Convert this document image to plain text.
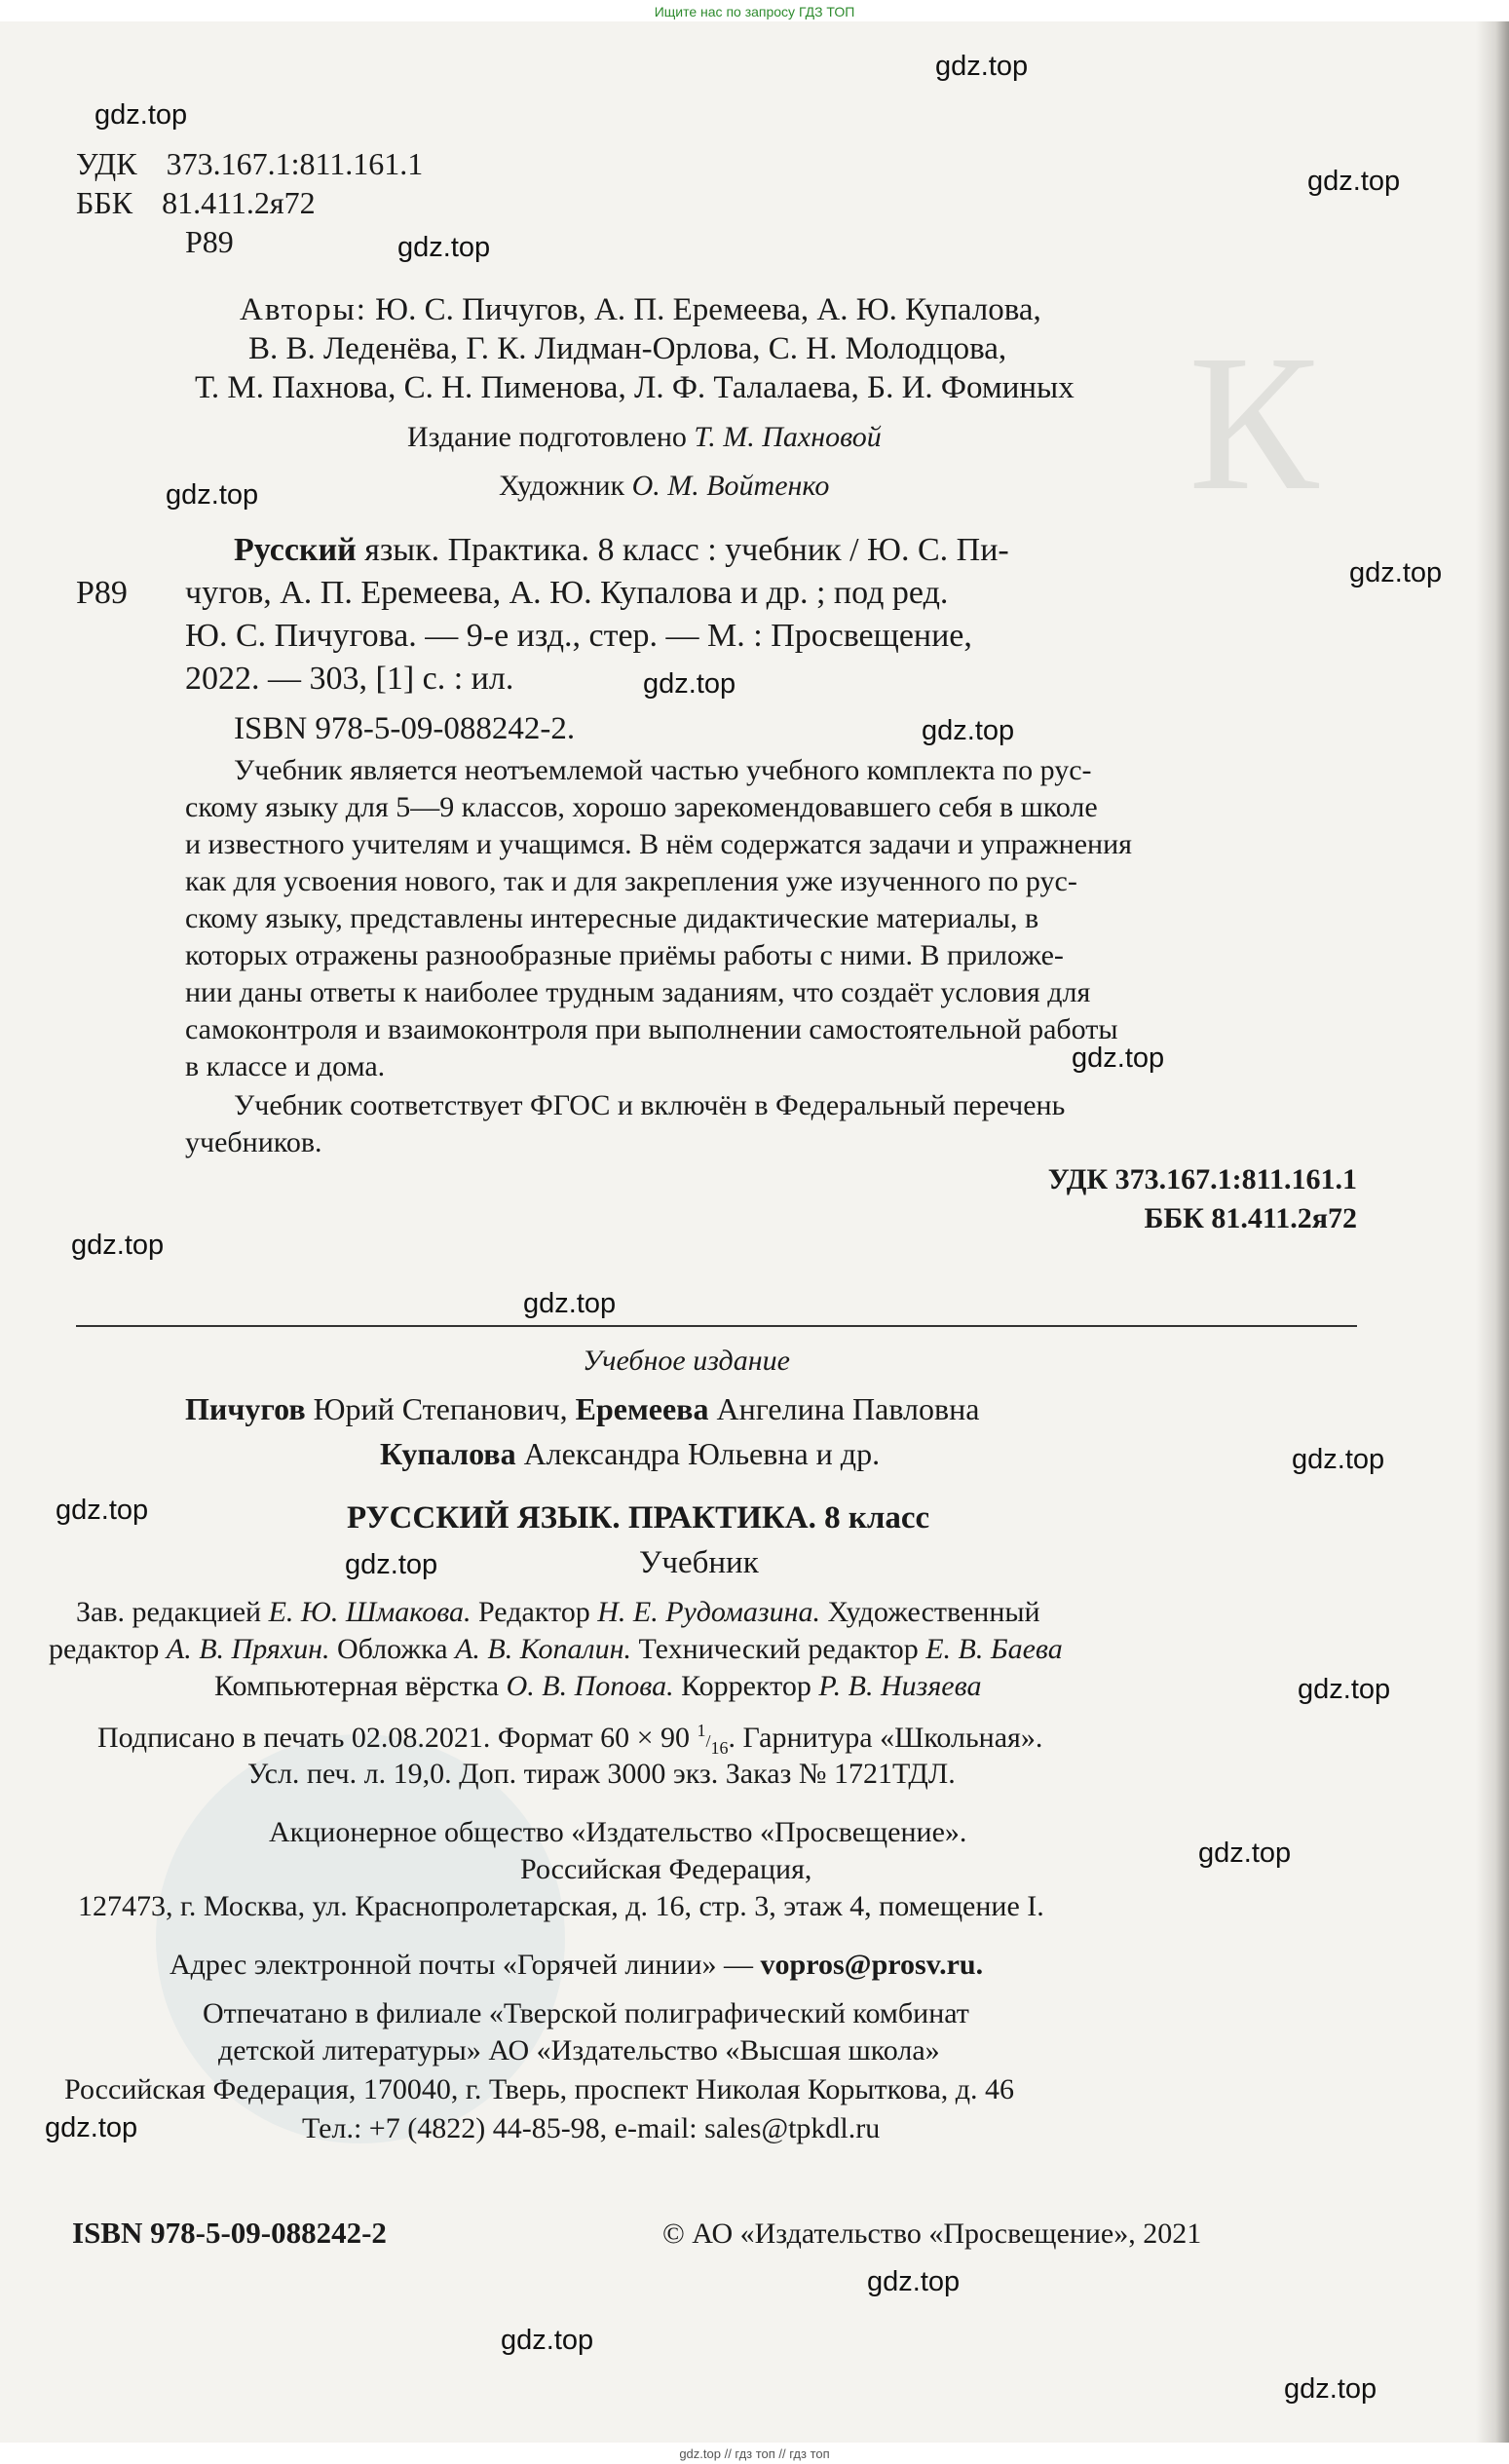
Ищите нас по запросу ГДЗ ТОП
К
gdz.top
gdz.top
gdz.top
gdz.top
gdz.top
gdz.top
gdz.top
gdz.top
gdz.top
gdz.top
gdz.top
gdz.top
gdz.top
gdz.top
gdz.top
gdz.top
gdz.top
gdz.top
gdz.top
gdz.top
УДК 373.167.1:811.161.1
ББК 81.411.2я72
Р89
Авторы: Ю. С. Пичугов, А. П. Еремеева, А. Ю. Купалова,
В. В. Леденёва, Г. К. Лидман-Орлова, С. Н. Молодцова,
Т. М. Пахнова, С. Н. Пименова, Л. Ф. Талалаева, Б. И. Фоминых
Издание подготовлено Т. М. Пахновой
Художник О. М. Войтенко
Р89
Русский язык. Практика. 8 класс : учебник / Ю. С. Пи-
чугов, А. П. Еремеева, А. Ю. Купалова и др. ; под ред.
Ю. С. Пичугова. — 9-е изд., стер. — М. : Просвещение,
2022. — 303, [1] с. : ил.
ISBN 978-5-09-088242-2.
Учебник является неотъемлемой частью учебного комплекта по рус-
скому языку для 5—9 классов, хорошо зарекомендовавшего себя в школе
и известного учителям и учащимся. В нём содержатся задачи и упражнения
как для усвоения нового, так и для закрепления уже изученного по рус-
скому языку, представлены интересные дидактические материалы, в
которых отражены разнообразные приёмы работы с ними. В приложе-
нии даны ответы к наиболее трудным заданиям, что создаёт условия для
самоконтроля и взаимоконтроля при выполнении самостоятельной работы
в классе и дома.
Учебник соответствует ФГОС и включён в Федеральный перечень
учебников.
УДК 373.167.1:811.161.1
ББК 81.411.2я72
Учебное издание
Пичугов Юрий Степанович, Еремеева Ангелина Павловна
Купалова Александра Юльевна и др.
РУССКИЙ ЯЗЫК. ПРАКТИКА. 8 класс
Учебник
Зав. редакцией Е. Ю. Шмакова. Редактор Н. Е. Рудомазина. Художественный
редактор А. В. Пряхин. Обложка А. В. Копалин. Технический редактор Е. В. Баева
Компьютерная вёрстка О. В. Попова. Корректор Р. В. Низяева
Подписано в печать 02.08.2021. Формат 60 × 90 $^1/_{16}$. Гарнитура «Школьная».
Усл. печ. л. 19,0. Доп. тираж 3000 экз. Заказ № 1721ТДЛ.
Акционерное общество «Издательство «Просвещение».
Российская Федерация,
127473, г. Москва, ул. Краснопролетарская, д. 16, стр. 3, этаж 4, помещение I.
Адрес электронной почты «Горячей линии» — vopros@prosv.ru.
Отпечатано в филиале «Тверской полиграфический комбинат
детской литературы» АО «Издательство «Высшая школа»
Российская Федерация, 170040, г. Тверь, проспект Николая Корыткова, д. 46
Тел.: +7 (4822) 44-85-98, e-mail: sales@tpkdl.ru
ISBN 978-5-09-088242-2	© АО «Издательство «Просвещение», 2021
gdz.top // гдз топ // гдз топ
